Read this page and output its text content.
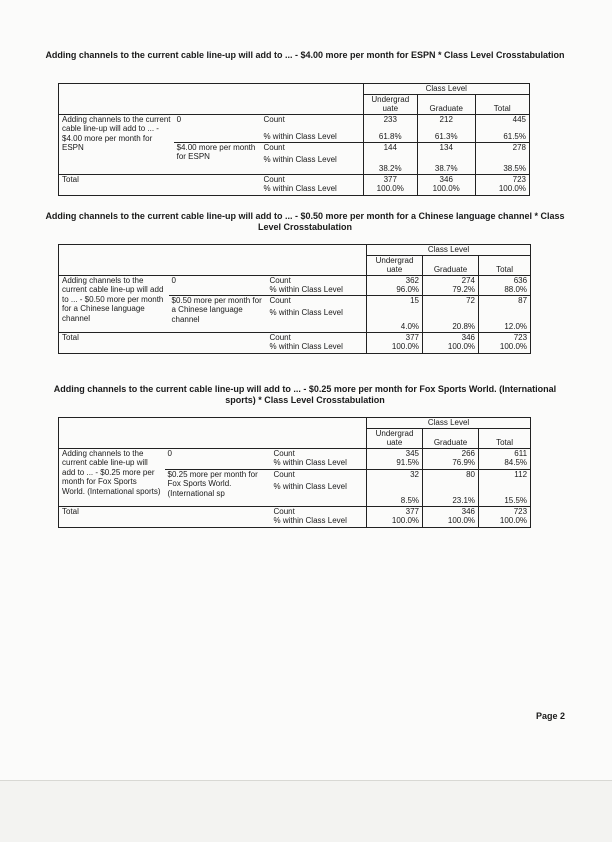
Adding channels to the current cable line-up will add to ... - $4.00 more per month for ESPN * Class Level Crosstabulation
			Class Level		
			Undergrad uate	Graduate	Total
Adding channels to the current cable line-up will add to ... - $4.00 more per month for ESPN	0	Count	233	212	445
		% within Class Level	61.8%	61.3%	61.5%
	$4.00 more per month for ESPN	Count	144	134	278
		% within Class Level	38.2%	38.7%	38.5%
Total		Count	377	346	723
		% within Class Level	100.0%	100.0%	100.0%
Adding channels to the current cable line-up will add to ... - $0.50 more per month for a Chinese language channel * Class Level Crosstabulation
			Class Level		
			Undergrad uate	Graduate	Total
Adding channels to the current cable line-up will add to ... - $0.50 more per month for a Chinese language channel	0	Count	362	274	636
		% within Class Level	96.0%	79.2%	88.0%
	$0.50 more per month for a Chinese language channel	Count	15	72	87
		% within Class Level	4.0%	20.8%	12.0%
Total		Count	377	346	723
		% within Class Level	100.0%	100.0%	100.0%
Adding channels to the current cable line-up will add to ... - $0.25 more per month for Fox Sports World. (International sports) * Class Level Crosstabulation
			Class Level		
			Undergrad uate	Graduate	Total
Adding channels to the current cable line-up will add to ... - $0.25 more per month for Fox Sports World. (International sports)	0	Count	345	266	611
		% within Class Level	91.5%	76.9%	84.5%
	$0.25 more per month for Fox Sports World. (International sp	Count	32	80	112
		% within Class Level	8.5%	23.1%	15.5%
Total		Count	377	346	723
		% within Class Level	100.0%	100.0%	100.0%
Page 2
